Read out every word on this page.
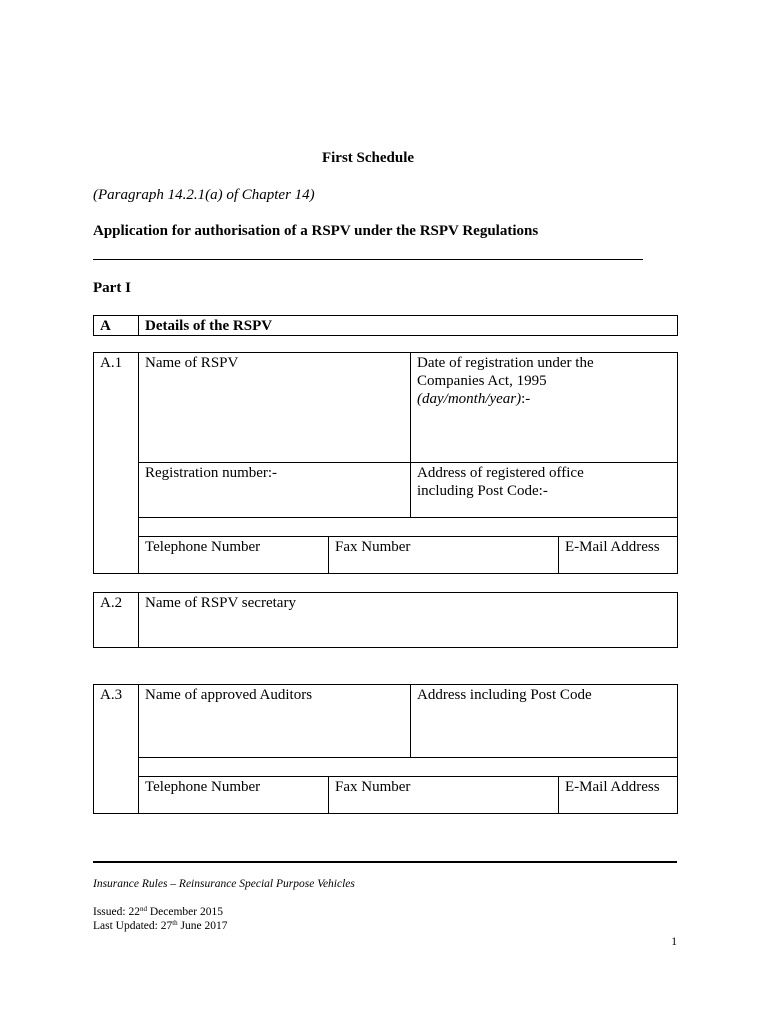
First Schedule
(Paragraph 14.2.1(a) of Chapter 14)
Application for authorisation of a RSPV under the RSPV Regulations
Part I
A	Details of the RSPV
A.1	Name of RSPV		Date of registration under the
Companies Act, 1995
(day/month/year):-	

	Registration number:-		Address of registered office
including Post Code:-	

	Telephone Number	Fax Number		E-Mail Address
A.2	Name of RSPV secretary
A.3	Name of approved Auditors		Address including Post Code	

	Telephone Number	Fax Number		E-Mail Address
Insurance Rules – Reinsurance Special Purpose Vehicles
Issued: 22nd December 2015
Last Updated: 27th June 2017
1
